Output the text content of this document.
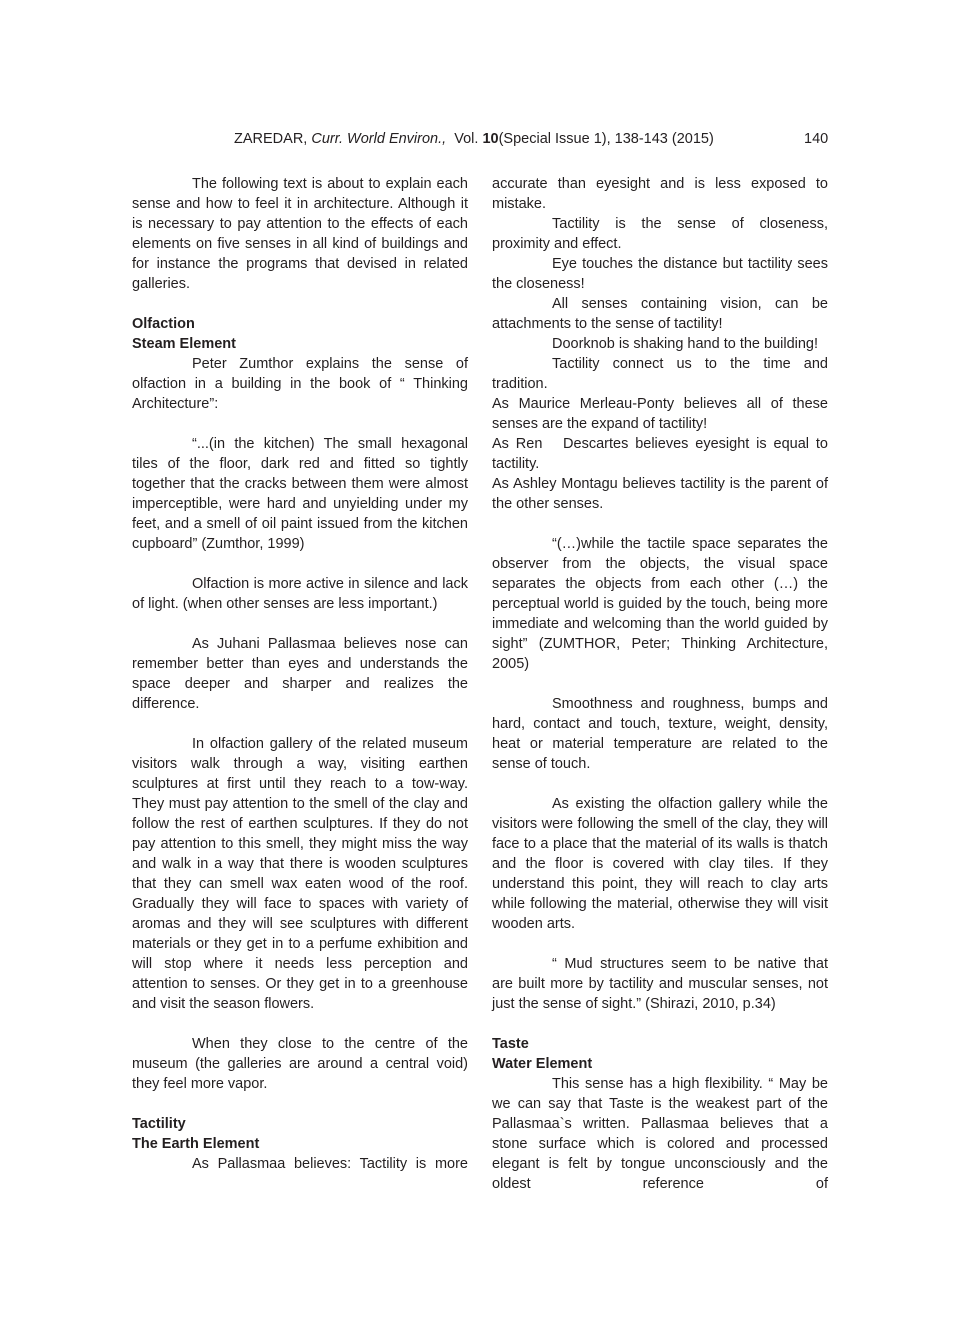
ZAREDAR, Curr. World Environ.,  Vol. 10(Special Issue 1), 138-143 (2015)	140

The following text is about to explain each sense and how to feel it in architecture. Although it is necessary to pay attention to the effects of each elements on five senses in all kind of buildings and for instance the programs that devised in related galleries.

Olfaction

Steam Element

Peter Zumthor explains the sense of olfaction in a building in the book of “ Thinking Architecture”:

“...(in the kitchen) The small hexagonal tiles of the floor, dark red and fitted so tightly together that the cracks between them were almost imperceptible, were hard and unyielding under my feet, and a smell of oil paint issued from the kitchen cupboard” (Zumthor, 1999)

Olfaction is more active in silence and lack of light. (when other senses are less important.)

As Juhani Pallasmaa believes nose can remember better than eyes and understands the space deeper and sharper and realizes the difference.

In olfaction gallery of the related museum visitors walk through a way, visiting earthen sculptures at first until they reach to a tow-way. They must pay attention to the smell of the clay and follow the rest of earthen sculptures. If they do not pay attention to this smell, they might miss the way and walk in a way that there is wooden sculptures that they can smell wax eaten wood of the roof. Gradually they will face to spaces with variety of aromas and they will see sculptures with different materials or they get in to a perfume exhibition and will stop where it needs less perception and attention to senses. Or they get in to a greenhouse and visit the season flowers.

When they close to the centre of the museum (the galleries are around a central void) they feel more vapor.

Tactility

The Earth Element

As Pallasmaa believes: Tactility is more

accurate than eyesight and is less exposed to mistake.

Tactility is the sense of closeness, proximity and effect.

Eye touches the distance but tactility sees the closeness!

All senses containing vision, can be attachments to the sense of tactility!

Doorknob is shaking hand to the building!

Tactility connect us to the time and tradition.

As Maurice Merleau-Ponty believes all of these senses are the expand of tactility!

As Ren   Descartes believes eyesight is equal to tactility.

As Ashley Montagu believes tactility is the parent of the other senses.

“(…)while the tactile space separates the observer from the objects, the visual space separates the objects from each other (…) the perceptual world is guided by the touch, being more immediate and welcoming than the world guided by sight” (ZUMTHOR, Peter; Thinking Architecture, 2005)

Smoothness and roughness, bumps and hard, contact and touch, texture, weight, density, heat or material temperature are related to the sense of touch.

As existing the olfaction gallery while the visitors were following the smell of the clay, they will face to a place that the material of its walls is thatch and the floor is covered with clay tiles. If they understand this point, they will reach to clay arts while following the material, otherwise they will visit wooden arts.

“ Mud structures seem to be native that are built more by tactility and muscular senses, not just the sense of sight.” (Shirazi, 2010, p.34)

Taste

Water Element

This sense has a high flexibility. “ May be we can say that Taste is the weakest part of the Pallasmaa`s written. Pallasmaa believes that a stone surface which is colored and processed elegant is felt by tongue unconsciously and the oldest reference of
